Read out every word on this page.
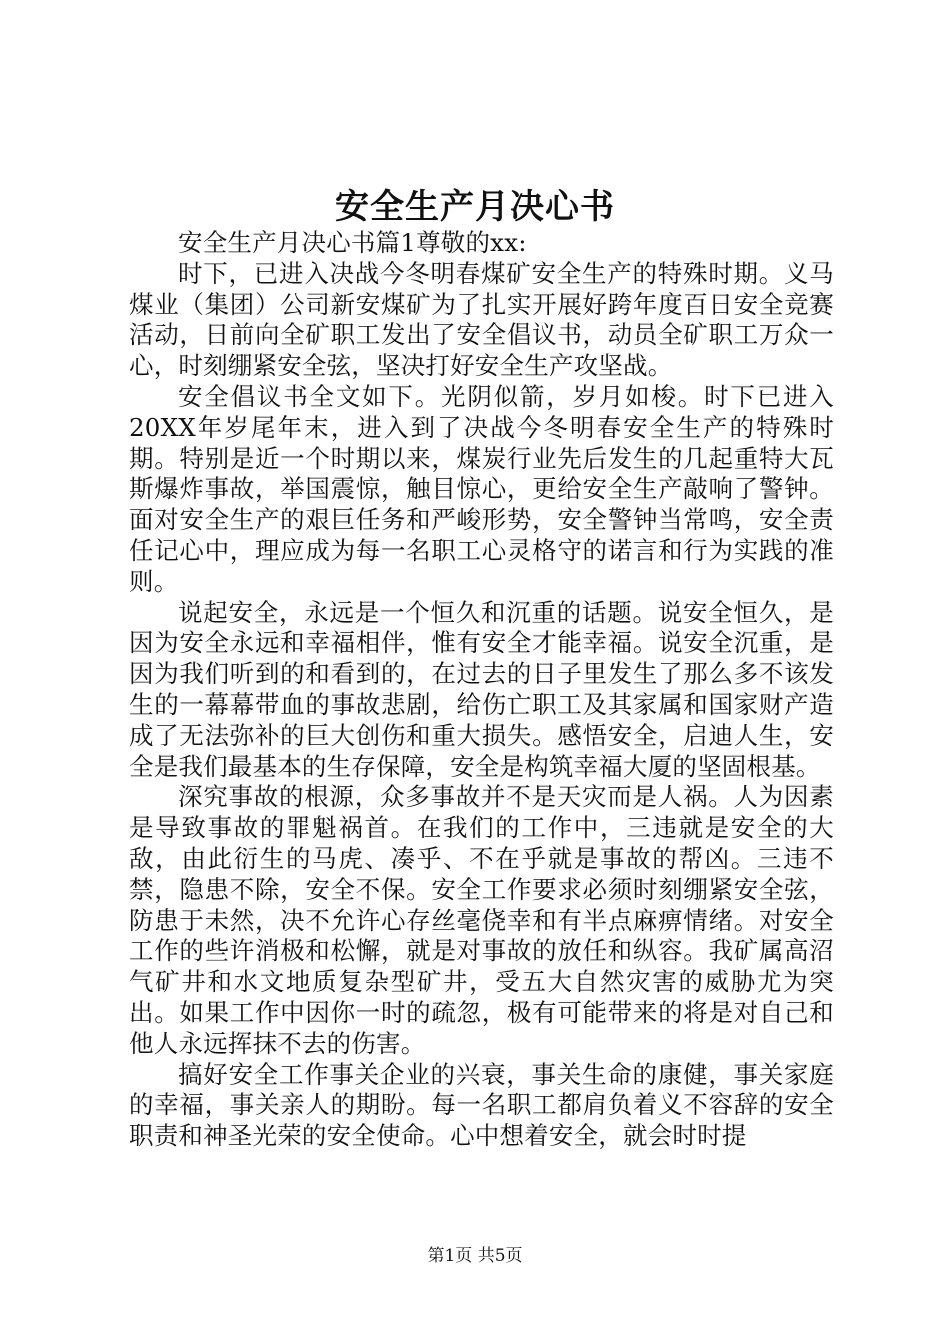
安全生产月决心书

安全生产月决心书篇1尊敬的xx:

时下，已进入决战今冬明春煤矿安全生产的特殊时期。义马煤业（集团）公司新安煤矿为了扎实开展好跨年度百日安全竞赛活动，日前向全矿职工发出了安全倡议书，动员全矿职工万众一心，时刻绷紧安全弦，坚决打好安全生产攻坚战。

安全倡议书全文如下。光阴似箭，岁月如梭。时下已进入20XX年岁尾年末，进入到了决战今冬明春安全生产的特殊时期。特别是近一个时期以来，煤炭行业先后发生的几起重特大瓦斯爆炸事故，举国震惊，触目惊心，更给安全生产敲响了警钟。面对安全生产的艰巨任务和严峻形势，安全警钟当常鸣，安全责任记心中，理应成为每一名职工心灵格守的诺言和行为实践的准则。

说起安全，永远是一个恒久和沉重的话题。说安全恒久，是因为安全永远和幸福相伴，惟有安全才能幸福。说安全沉重，是因为我们听到的和看到的，在过去的日子里发生了那么多不该发生的一幕幕带血的事故悲剧，给伤亡职工及其家属和国家财产造成了无法弥补的巨大创伤和重大损失。感悟安全，启迪人生，安全是我们最基本的生存保障，安全是构筑幸福大厦的坚固根基。

深究事故的根源，众多事故并不是天灾而是人祸。人为因素是导致事故的罪魁祸首。在我们的工作中，三违就是安全的大敌，由此衍生的马虎、凑乎、不在乎就是事故的帮凶。三违不禁，隐患不除，安全不保。安全工作要求必须时刻绷紧安全弦，防患于未然，决不允许心存丝毫侥幸和有半点麻痹情绪。对安全工作的些许消极和松懈，就是对事故的放任和纵容。我矿属高沼气矿井和水文地质复杂型矿井，受五大自然灾害的威胁尤为突出。如果工作中因你一时的疏忽，极有可能带来的将是对自己和他人永远挥抹不去的伤害。

搞好安全工作事关企业的兴衰，事关生命的康健，事关家庭的幸福，事关亲人的期盼。每一名职工都肩负着义不容辞的安全职责和神圣光荣的安全使命。心中想着安全，就会时时提

第1页 共5页
